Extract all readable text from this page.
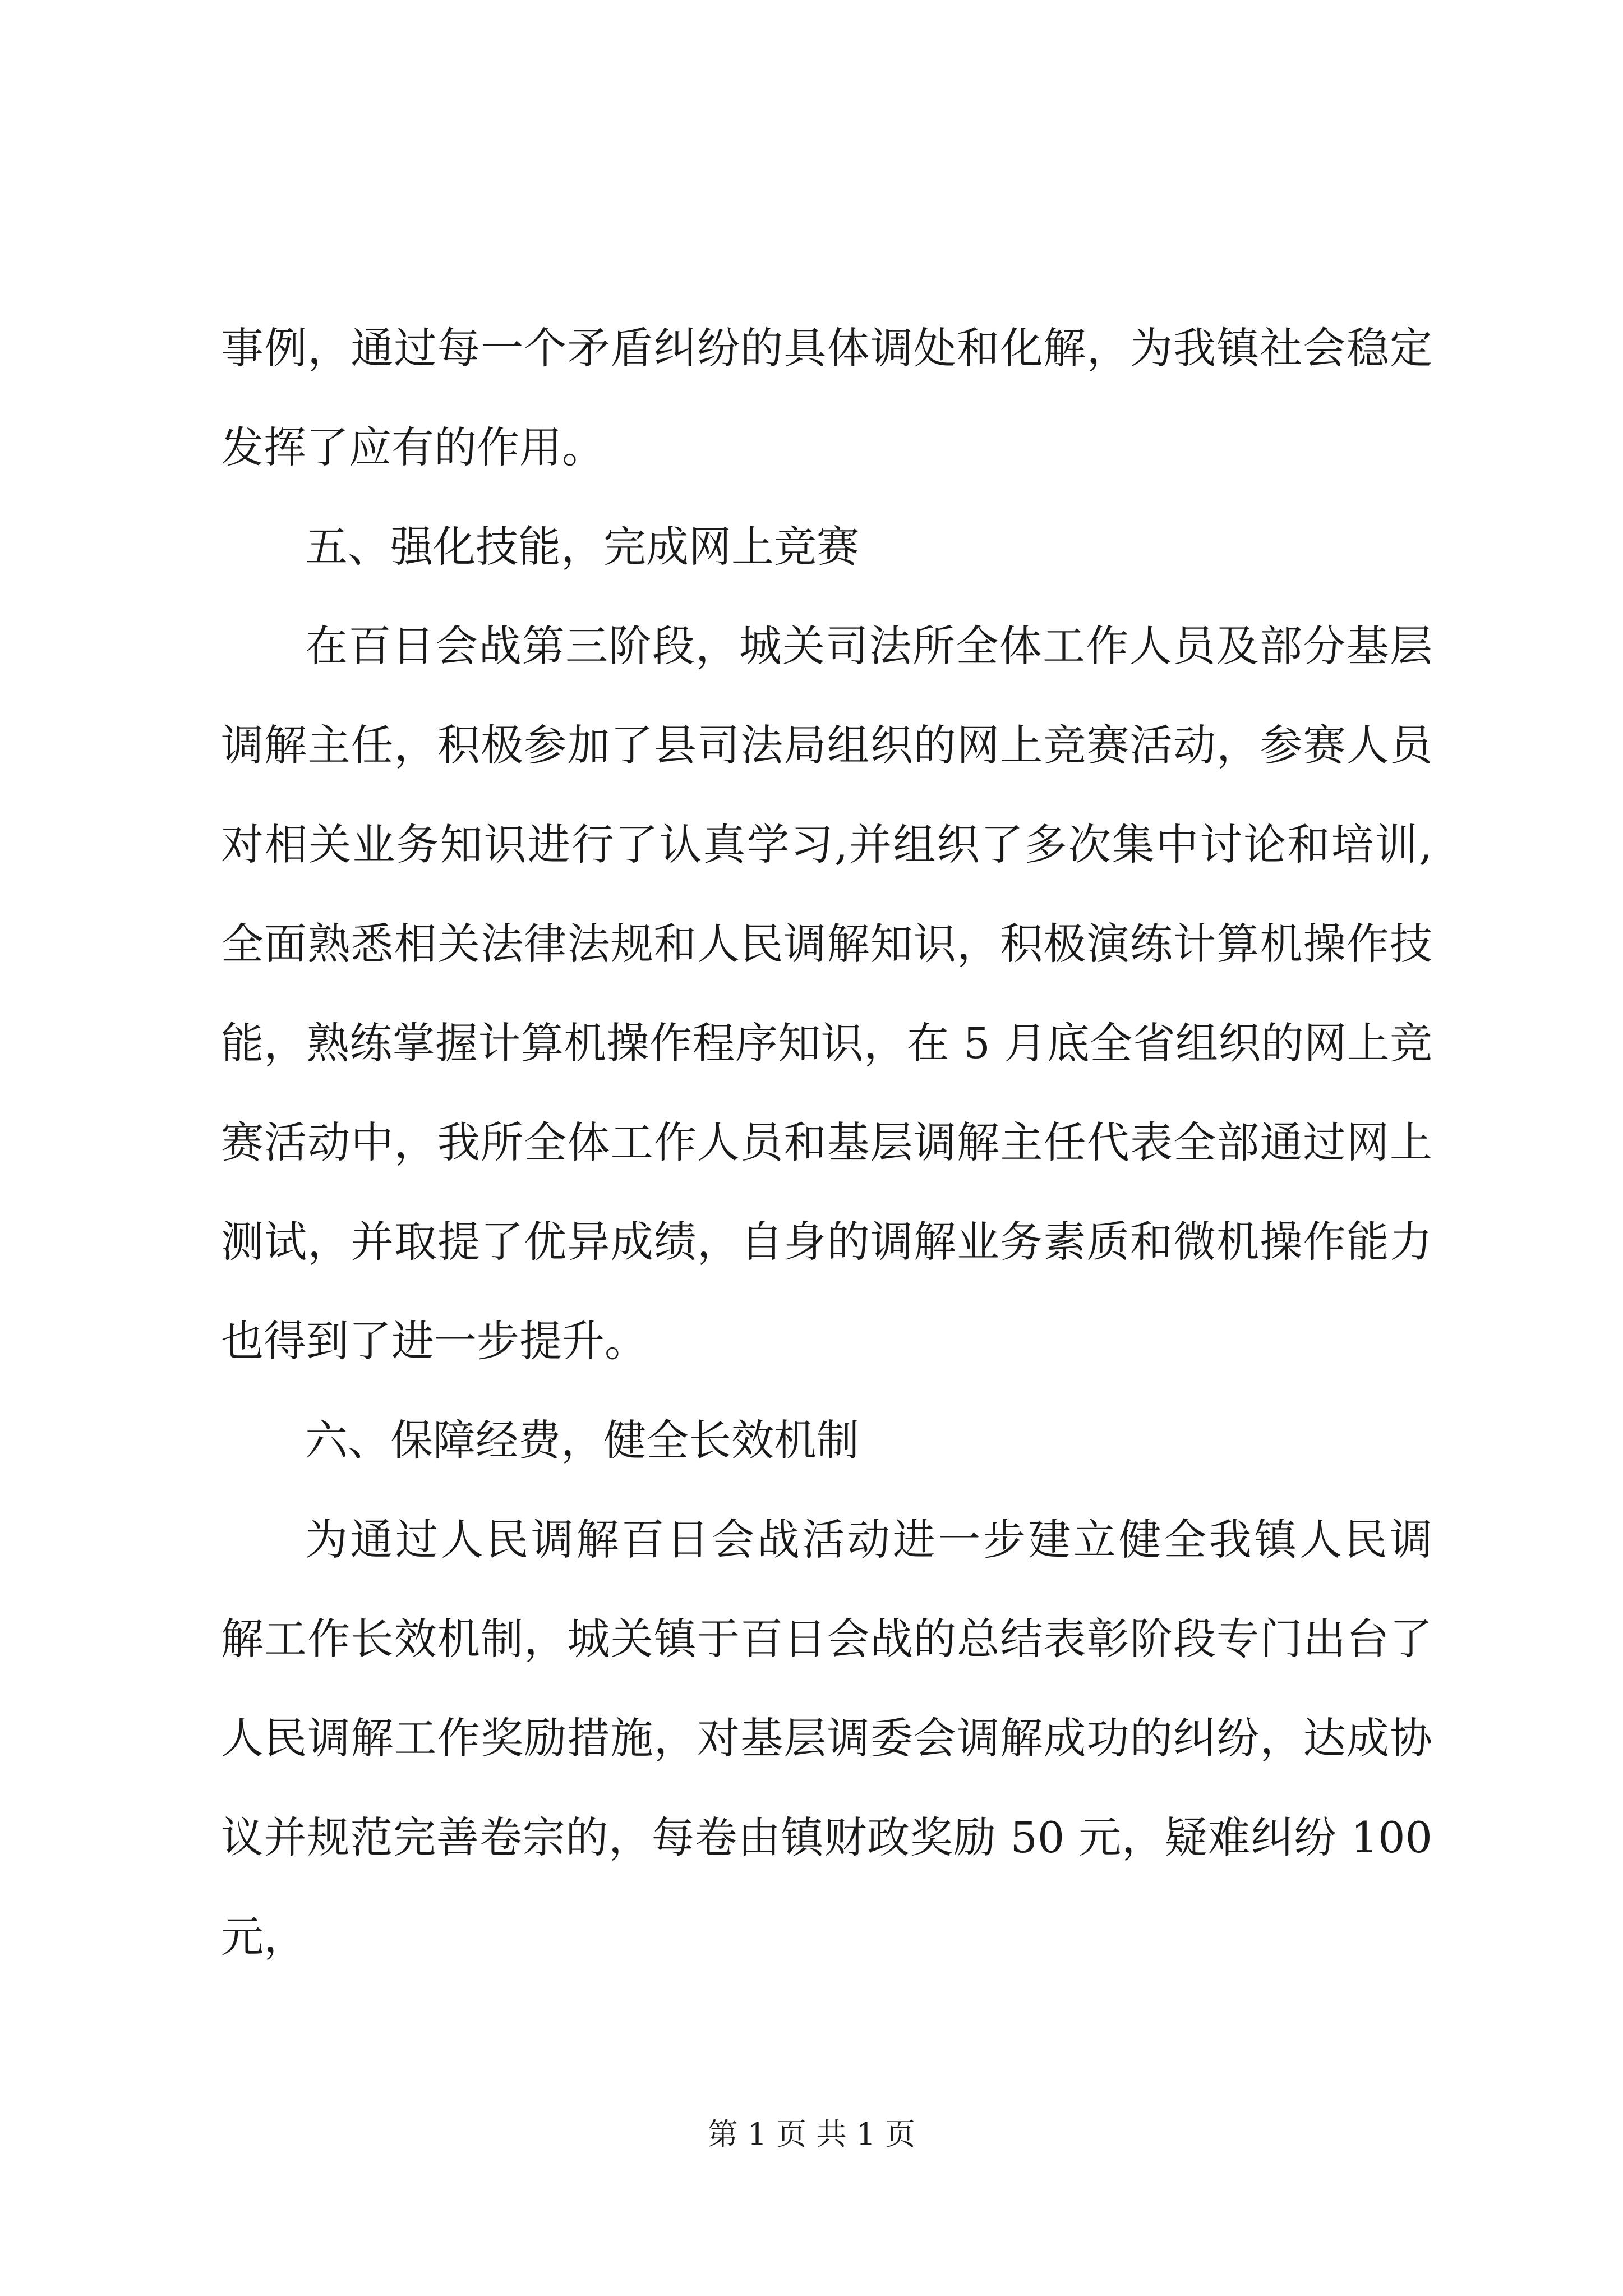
事例，通过每一个矛盾纠纷的具体调处和化解，为我镇社会稳定
发挥了应有的作用。
五、强化技能，完成网上竞赛
在百日会战第三阶段，城关司法所全体工作人员及部分基层
调解主任，积极参加了县司法局组织的网上竞赛活动，参赛人员
对相关业务知识进行了认真学习,并组织了多次集中讨论和培训,
全面熟悉相关法律法规和人民调解知识，积极演练计算机操作技
能，熟练掌握计算机操作程序知识，在 5 月底全省组织的网上竞
赛活动中，我所全体工作人员和基层调解主任代表全部通过网上
测试，并取提了优异成绩，自身的调解业务素质和微机操作能力
也得到了进一步提升。
六、保障经费，健全长效机制
为通过人民调解百日会战活动进一步建立健全我镇人民调
解工作长效机制，城关镇于百日会战的总结表彰阶段专门出台了
人民调解工作奖励措施，对基层调委会调解成功的纠纷，达成协
议并规范完善卷宗的，每卷由镇财政奖励 50 元，疑难纠纷 100
元，
第 1 页 共 1 页
